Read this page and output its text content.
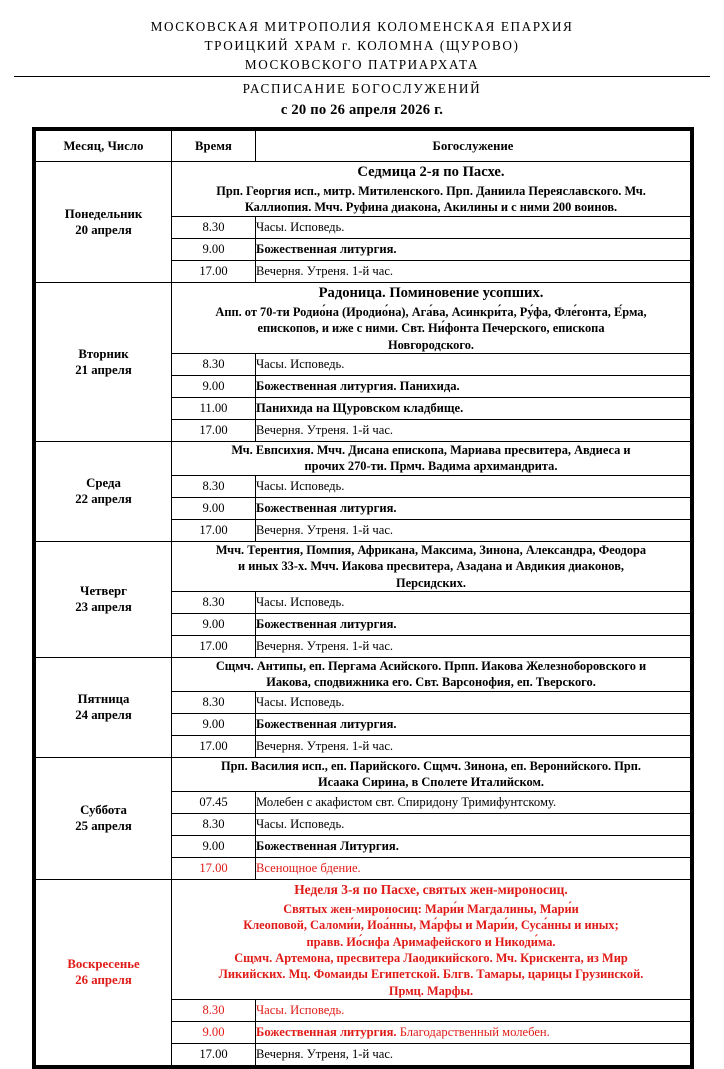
МОСКОВСКАЯ МИТРОПОЛИЯ КОЛОМЕНСКАЯ ЕПАРХИЯ
ТРОИЦКИЙ ХРАМ г. КОЛОМНА (ЩУРОВО)
МОСКОВСКОГО ПАТРИАРХАТА
РАСПИСАНИЕ БОГОСЛУЖЕНИЙ
с 20 по 26 апреля 2026 г.
Месяц, Число	Время	Богослужение

Понедельник
20 апреля	Седмица 2-я по Пасхе.
Прп. Георгия исп., митр. Митиленского. Прп. Даниила Переяславского. Мч.
Каллиопия. Мчч. Руфина диакона, Акилины и с ними 200 воинов.	

	8.30	Часы. Исповедь.
	9.00	Божественная литургия.
	17.00	Вечерня. Утреня. 1-й час.

Вторник
21 апреля	Радоница. Поминовение усопших.
Апп. от 70-ти Родио́на (Иродио́на), Ага́ва, Асинкри́та, Ру́фа, Фле́гонта, Е́рма,
епископов, и иже с ними. Свт. Ни́фонта Печерского, епископа
Новгородского.	

	8.30	Часы. Исповедь.
	9.00	Божественная литургия. Панихида.
	11.00	Панихида на Щуровском кладбище.
	17.00	Вечерня. Утреня. 1-й час.

Среда
22 апреля	Мч. Евпсихия. Мчч. Дисана епископа, Мариава пресвитера, Авдиеса и
прочих 270-ти. Прмч. Вадима архимандрита.	

	8.30	Часы. Исповедь.
	9.00	Божественная литургия.
	17.00	Вечерня. Утреня. 1-й час.

Четверг
23 апреля	Мчч. Терентия, Помпия, Африкана, Максима, Зинона, Александра, Феодора
и иных 33-х. Мчч. Иакова пресвитера, Азадана и Авдикия диаконов,
Персидских.	

	8.30	Часы. Исповедь.
	9.00	Божественная литургия.
	17.00	Вечерня. Утреня. 1-й час.

Пятница
24 апреля	Сщмч. Антипы, еп. Пергама Асийского. Прпп. Иакова Железноборовского и
Иакова, сподвижника его. Свт. Варсонофия, еп. Тверского.	

	8.30	Часы. Исповедь.
	9.00	Божественная литургия.
	17.00	Вечерня. Утреня. 1-й час.

Суббота
25 апреля	Прп. Василия исп., еп. Парийского. Сщмч. Зинона, еп. Веронийского. Прп.
Исаака Сирина, в Сполете Италийском.	

	07.45	Молебен с акафистом свт. Спиридону Тримифунтскому.
	8.30	Часы. Исповедь.
	9.00	Божественная Литургия.
	17.00	Всенощное бдение.

Воскресенье
26 апреля

Неделя 3-я по Пасхе, святых жен-мироносиц.
Святых жен-мироносиц: Мари́и Магдалины, Мари́и
Клеоповой, Саломи́и, Иоа́нны, Ма́рфы и Мари́и, Суса́нны и иных;
правв. Ио́сифа Аримафейского и Никоди́ма.
Сщмч. Артемона, пресвитера Лаодикийского. Мч. Крискента, из Мир
Ликийских. Мц. Фомаиды Египетской. Блгв. Тамары, царицы Грузинской.
Прмц. Марфы.

	8.30	Часы. Исповедь.
	9.00	Божественная литургия. Благодарственный молебен.
	17.00	Вечерня. Утреня, 1-й час.
